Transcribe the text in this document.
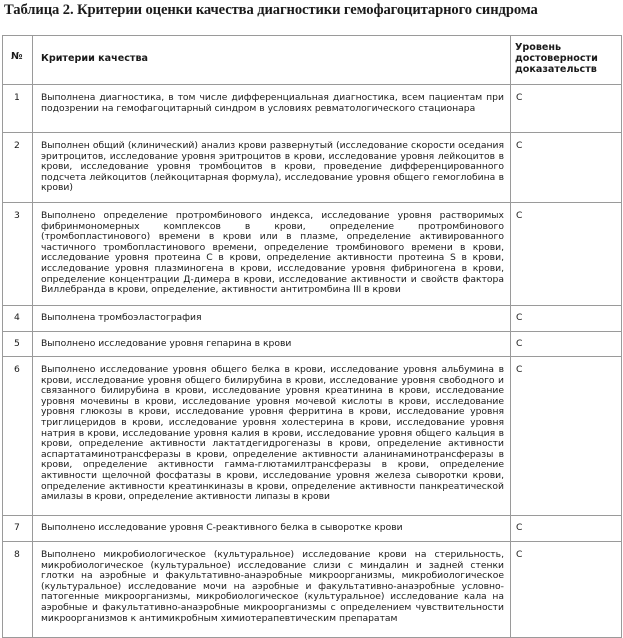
Таблица 2. Критерии оценки качества диагностики гемофагоцитарного синдрома
№	Критерии качества	Уровень достоверности доказательств
1	Выполнена диагностика, в том числе дифференциальная диагностика, всем пациентам при подозрении на гемофагоцитарный синдром в условиях ревматологического стационара	C
2	Выполнен общий (клинический) анализ крови развернутый (исследование скорости оседания эритроцитов, исследование уровня эритроцитов в крови, исследование уровня лейкоцитов в крови, исследование уровня тромбоцитов в крови, проведение дифференцированного подсчета лейкоцитов (лейкоцитарная формула), исследование уровня общего гемоглобина в крови)	C
3	Выполнено определение протромбинового индекса, исследование уровня растворимых фибринмономерных комплексов в крови, определение протромбинового (тромбопластинового) времени в крови или в плазме, определение активированного частичного тромбопластинового времени, определение тромбинового времени в крови, исследование уровня протеина C в крови, определение активности протеина S в крови, исследование уровня плазминогена в крови, исследование уровня фибриногена в крови, определение концентрации Д-димера в крови, исследование активности и свойств фактора Виллебранда в крови, определение, активности антитромбина III в крови	C
4	Выполнена тромбоэластография	C
5	Выполнено исследование уровня гепарина в крови	C
6	Выполнено исследование уровня общего белка в крови, исследование уровня альбумина в крови, исследование уровня общего билирубина в крови, исследование уровня свободного и связанного билирубина в крови, исследование уровня креатинина в крови, исследование уровня мочевины в крови, исследование уровня мочевой кислоты в крови, исследование уровня глюкозы в крови, исследование уровня ферритина в крови, исследование уровня триглицеридов в крови, исследование уровня холестерина в крови, исследование уровня натрия в крови, исследование уровня калия в крови, исследование уровня общего кальция в крови, определение активности лактатдегидрогеназы в крови, определение активности аспартатаминотрансферазы в крови, определение активности аланинаминотрансферазы в крови, определение активности гамма-глютамилтрансферазы в крови, определение активности щелочной фосфатазы в крови, исследование уровня железа сыворотки крови, определение активности креатинкиназы в крови, определение активности панкреатической амилазы в крови, определение активности липазы в крови	C
7	Выполнено исследование уровня C-реактивного белка в сыворотке крови	C
8	Выполнено микробиологическое (культуральное) исследование крови на стерильность, микробиологическое (культуральное) исследование слизи с миндалин и задней стенки глотки на аэробные и факультативно-анаэробные микроорганизмы, микробиологическое (культуральное) исследование мочи на аэробные и факультативно-анаэробные условно-патогенные микроорганизмы, микробиологическое (культуральное) исследование кала на аэробные и факультативно-анаэробные микроорганизмы с определением чувствительности микроорганизмов к антимикробным химиотерапевтическим препаратам	C
